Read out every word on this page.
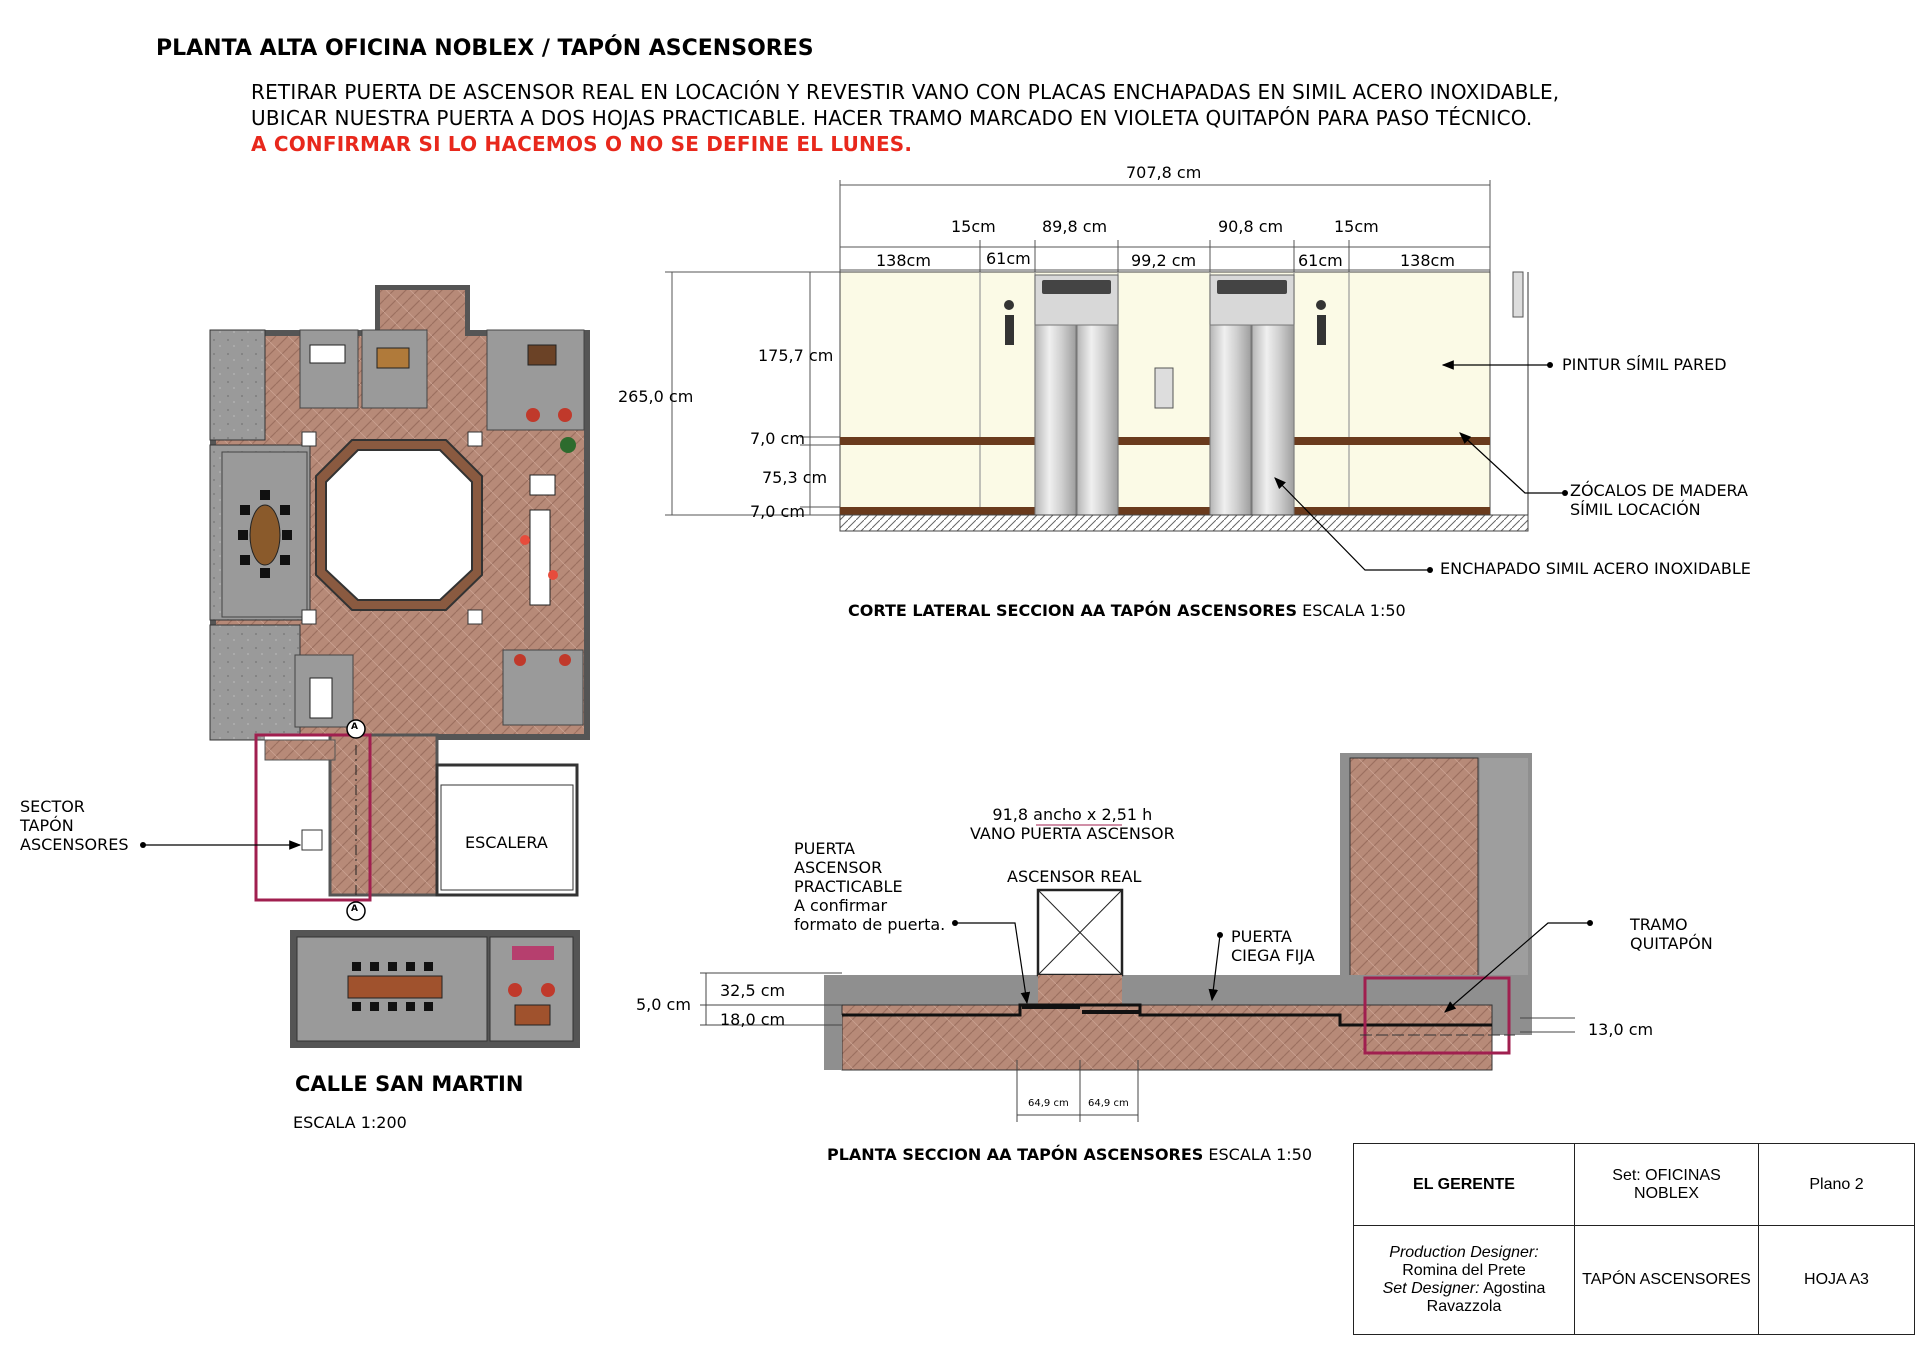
PLANTA ALTA OFICINA NOBLEX / TAPÓN ASCENSORES
RETIRAR PUERTA DE ASCENSOR REAL EN LOCACIÓN Y REVESTIR VANO CON PLACAS ENCHAPADAS EN SIMIL ACERO INOXIDABLE,
UBICAR NUESTRA PUERTA A DOS HOJAS PRACTICABLE. HACER TRAMO MARCADO EN VIOLETA QUITAPÓN PARA PASO TÉCNICO.
A CONFIRMAR SI LO HACEMOS O NO SE DEFINE EL LUNES.
SECTOR
TAPÓN
ASCENSORES	ESCALERA
A
A
CALLE SAN MARTIN
ESCALA 1:200
707,8 cm
15cm	89,8 cm	90,8 cm	15cm
138cm	61cm	99,2 cm	61cm	138cm
265,0 cm
175,7 cm
7,0 cm
75,3 cm
7,0 cm
PINTUR SÍMIL PARED
ZÓCALOS DE MADERA
SÍMIL LOCACIÓN
ENCHAPADO SIMIL ACERO INOXIDABLE
CORTE LATERAL SECCION AA TAPÓN ASCENSORES ESCALA 1:50
91,8 ancho x 2,51 h
VANO PUERTA ASCENSOR
ASCENSOR REAL
PUERTA
ASCENSOR
PRACTICABLE
A confirmar
formato de puerta.
PUERTA
CIEGA FIJA
TRAMO
QUITAPÓN
5,0 cm
32,5 cm
18,0 cm
13,0 cm
64,9 cm 64,9 cm
PLANTA SECCION AA TAPÓN ASCENSORES ESCALA 1:50
EL GERENTE	Set: OFICINAS NOBLEX	Plano 2

Production Designer:
Romina del Prete
Set Designer: Agostina Ravazzola	TAPÓN ASCENSORES	HOJA A3
